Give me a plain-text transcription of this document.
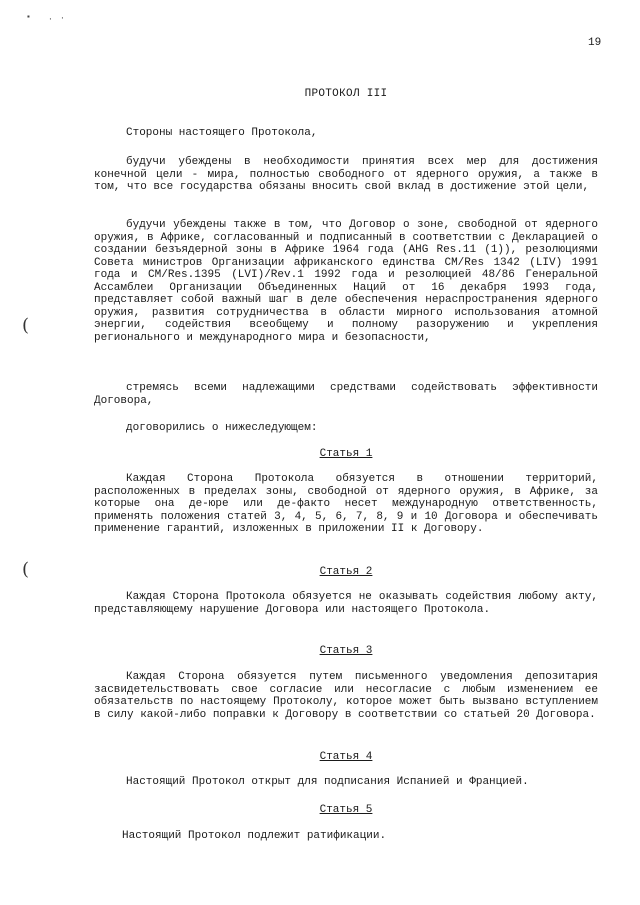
▪ · ·
19
ПРОТОКОЛ III
Стороны настоящего Протокола,
будучи убеждены в необходимости принятия всех мер для достижения конечной цели - мира, полностью свободного от ядерного оружия, а также в том, что все государства обязаны вносить свой вклад в достижение этой цели,
будучи убеждены также в том, что Договор о зоне, свободной от ядерного оружия, в Африке, согласованный и подписанный в соответствии с Декларацией о создании безъядерной зоны в Африке 1964 года (AHG Res.11 (1)), резолюциями Совета министров Организации африканского единства CM/Res 1342 (LIV) 1991 года и CM/Res.1395 (LVI)/Rev.1 1992 года и резолюцией 48/86 Генеральной Ассамблеи Организации Объединенных Наций от 16 декабря 1993 года, представляет собой важный шаг в деле обеспечения нераспространения ядерного оружия, развития сотрудничества в области мирного использования атомной энергии, содействия всеобщему и полному разоружению и укрепления регионального и международного мира и безопасности,
стремясь всеми надлежащими средствами содействовать эффективности Договора,
договорились о нижеследующем:
Статья 1
Каждая Сторона Протокола обязуется в отношении территорий, расположенных в пределах зоны, свободной от ядерного оружия, в Африке, за которые она де-юре или де-факто несет международную ответственность, применять положения статей 3, 4, 5, 6, 7, 8, 9 и 10 Договора и обеспечивать применение гарантий, изложенных в приложении II к Договору.
Статья 2
Каждая Сторона Протокола обязуется не оказывать содействия любому акту, представляющему нарушение Договора или настоящего Протокола.
Статья 3
Каждая Сторона обязуется путем письменного уведомления депозитария засвидетельствовать свое согласие или несогласие с любым изменением ее обязательств по настоящему Протоколу, которое может быть вызвано вступлением в силу какой-либо поправки к Договору в соответствии со статьей 20 Договора.
Статья 4
Настоящий Протокол открыт для подписания Испанией и Францией.
Статья 5
Настоящий Протокол подлежит ратификации.
(
(
